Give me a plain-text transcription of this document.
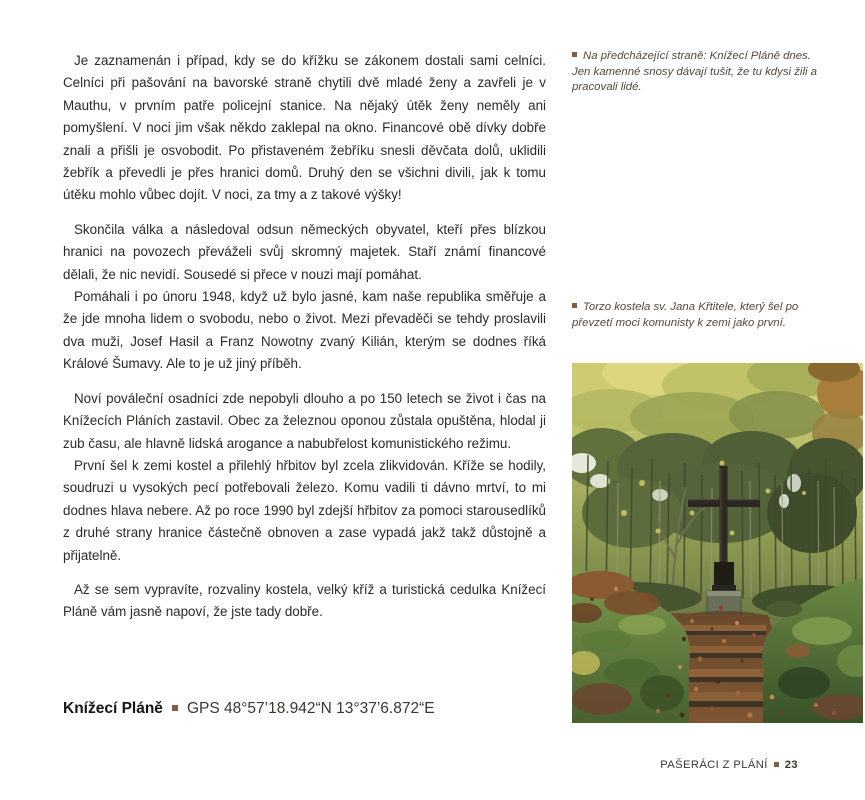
Je zaznamenán i případ, kdy se do křížku se zákonem dostali sami celníci. Celníci při pašování na bavorské straně chytili dvě mladé ženy a zavřeli je v Mauthu, v prvním patře policejní stanice. Na nějaký útěk ženy neměly ani pomyšlení. V noci jim však někdo zaklepal na okno. Financové obě dívky dobře znali a přišli je osvobodit. Po přistaveném žebříku snesli děvčata dolů, uklidili žebřík a převedli je přes hranici domů. Druhý den se všichni divili, jak k tomu útěku mohlo vůbec dojít. V noci, za tmy a z takové výšky!

Skončila válka a následoval odsun německých obyvatel, kteří přes blízkou hranici na povozech převáželi svůj skromný majetek. Staří známí financové dělali, že nic nevidí. Sousedé si přece v nouzi mají pomáhat.

Pomáhali i po únoru 1948, když už bylo jasné, kam naše republika směřuje a že jde mnoha lidem o svobodu, nebo o život. Mezi převaděči se tehdy proslavili dva muži, Josef Hasil a Franz Nowotny zvaný Kilián, kterým se dodnes říká Králové Šumavy. Ale to je už jiný příběh.

Noví pováleční osadníci zde nepobyli dlouho a po 150 letech se život i čas na Knížecích Pláních zastavil. Obec za železnou oponou zůstala opuštěna, hlodal ji zub času, ale hlavně lidská arogance a nabubřelost komunistického režimu.

První šel k zemi kostel a přilehlý hřbitov byl zcela zlikvidován. Kříže se hodily, soudruzi u vysokých pecí potřebovali železo. Komu vadili ti dávno mrtví, to mi dodnes hlava nebere. Až po roce 1990 byl zdejší hřbitov za pomoci starousedlíků z druhé strany hranice částečně obnoven a zase vypadá jakž takž důstojně a přijatelně.

Až se sem vypravíte, rozvaliny kostela, velký kříž a turistická cedulka Knížecí Pláně vám jasně napoví, že jste tady dobře.

Na předcházející straně: Knížecí Pláně dnes. Jen kamenné snosy dávají tušit, že tu kdysi žili a pracovali lidé.
Torzo kostela sv. Jana Křtitele, který šel po převzetí moci komunisty k zemi jako první.
Knížecí Pláně GPS 48°57’18.942“N 13°37’6.872“E
PAŠERÁCI Z PLÁNÍ 23
